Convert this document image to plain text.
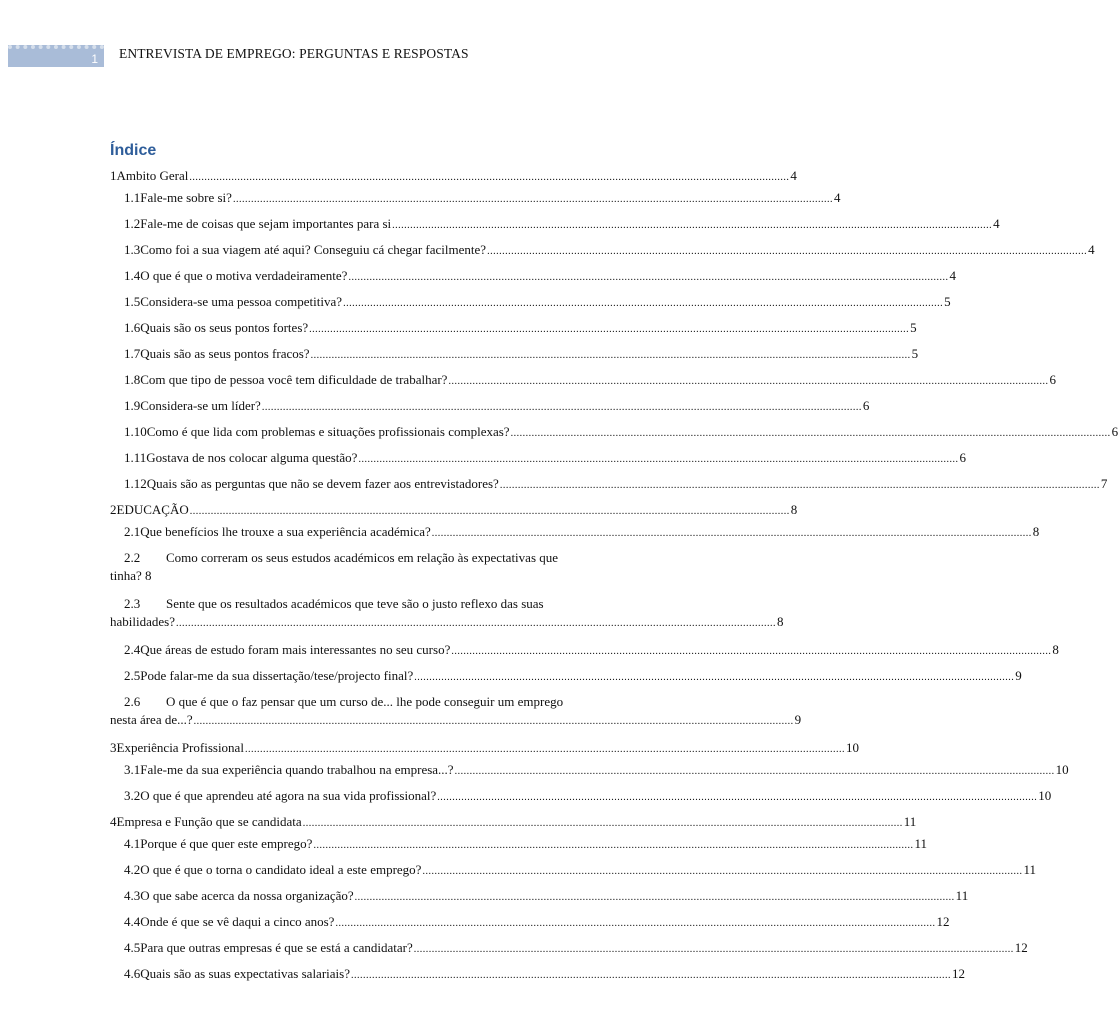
1 ENTREVISTA DE EMPREGO: PERGUNTAS E RESPOSTAS
Índice
1 Ambito Geral .....	4
1.1 Fale-me sobre si? .....	4
1.2 Fale-me de coisas que sejam importantes para si .....	4
1.3 Como foi a sua viagem até aqui? Conseguiu cá chegar facilmente? .....	4
1.4 O que é que o motiva verdadeiramente? .....	4
1.5 Considera-se uma pessoa competitiva? .....	5
1.6 Quais são os seus pontos fortes? .....	5
1.7 Quais são as seus pontos fracos? .....	5
1.8 Com que tipo de pessoa você tem dificuldade de trabalhar? .....	6
1.9 Considera-se um líder? .....	6
1.10 Como é que lida com problemas e situações profissionais complexas? .....	6
1.11 Gostava de nos colocar alguma questão? .....	6
1.12 Quais são as perguntas que não se devem fazer aos entrevistadores? .....	7
2 EDUCAÇÃO .....	8
2.1 Que benefícios lhe trouxe a sua experiência académica? .....	8
2.2 Como correram os seus estudos académicos em relação às expectativas que
tinha? 8
2.3 Sente que os resultados académicos que teve são o justo reflexo das suas
habilidades? .....	8
2.4 Que áreas de estudo foram mais interessantes no seu curso? .....	8
2.5 Pode falar-me da sua dissertação/tese/projecto final? .....	9
2.6 O que é que o faz pensar que um curso de... lhe pode conseguir um emprego
nesta área de...? .....	9
3 Experiência Profissional .....	10
3.1 Fale-me da sua experiência quando trabalhou na empresa...? .....	10
3.2 O que é que aprendeu até agora na sua vida profissional? .....	10
4 Empresa e Função que se candidata .....	11
4.1 Porque é que quer este emprego? .....	11
4.2 O que é que o torna o candidato ideal a este emprego? .....	11
4.3 O que sabe acerca da nossa organização? .....	11
4.4 Onde é que se vê daqui a cinco anos? .....	12
4.5 Para que outras empresas é que se está a candidatar? .....	12
4.6 Quais são as suas expectativas salariais? .....	12
